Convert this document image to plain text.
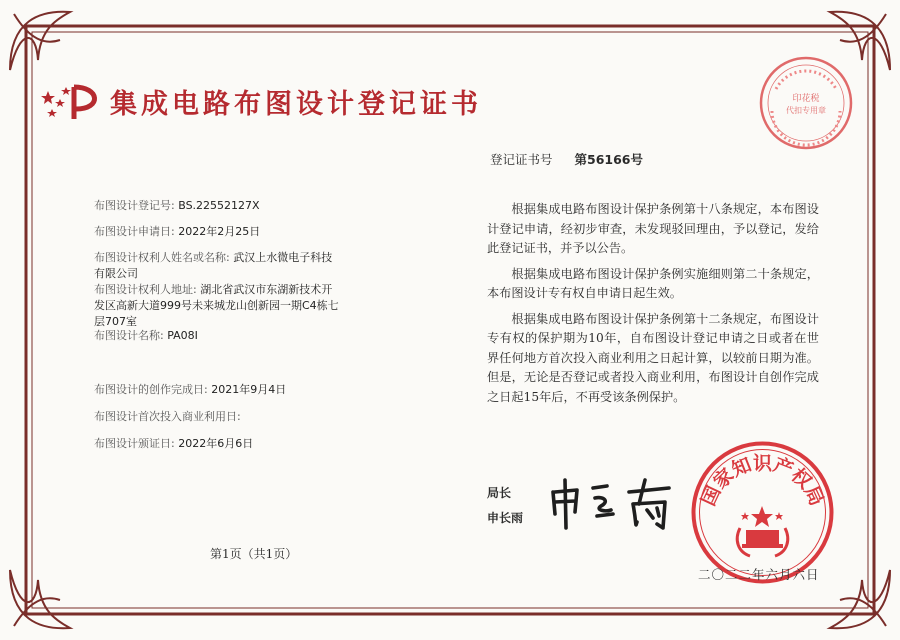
集成电路布图设计登记证书
登记证书号 第56166号
布图设计登记号: BS.22552127X
布图设计申请日: 2022年2月25日
布图设计权利人姓名或名称: 武汉上水微电子科技
有限公司
布图设计权利人地址: 湖北省武汉市东湖新技术开
发区高新大道999号未来城龙山创新园一期C4栋七
层707室
布图设计名称: PA08I
布图设计的创作完成日: 2021年9月4日
布图设计首次投入商业利用日:
布图设计颁证日: 2022年6月6日

根据集成电路布图设计保护条例第十八条规定，本布图设计登记申请，经初步审查，未发现驳回理由，予以登记，发给此登记证书，并予以公告。

根据集成电路布图设计保护条例实施细则第二十条规定，本布图设计专有权自申请日起生效。

根据集成电路布图设计保护条例第十二条规定，布图设计专有权的保护期为10年，自布图设计登记申请之日或者在世界任何地方首次投入商业利用之日起计算，以较前日期为准。但是，无论是否登记或者投入商业利用，布图设计自创作完成之日起15年后，不再受该条例保护。

局长
申长雨
第1页（共1页）
国家知识产权局
二〇二二年六月六日
印花税
代扣专用章
